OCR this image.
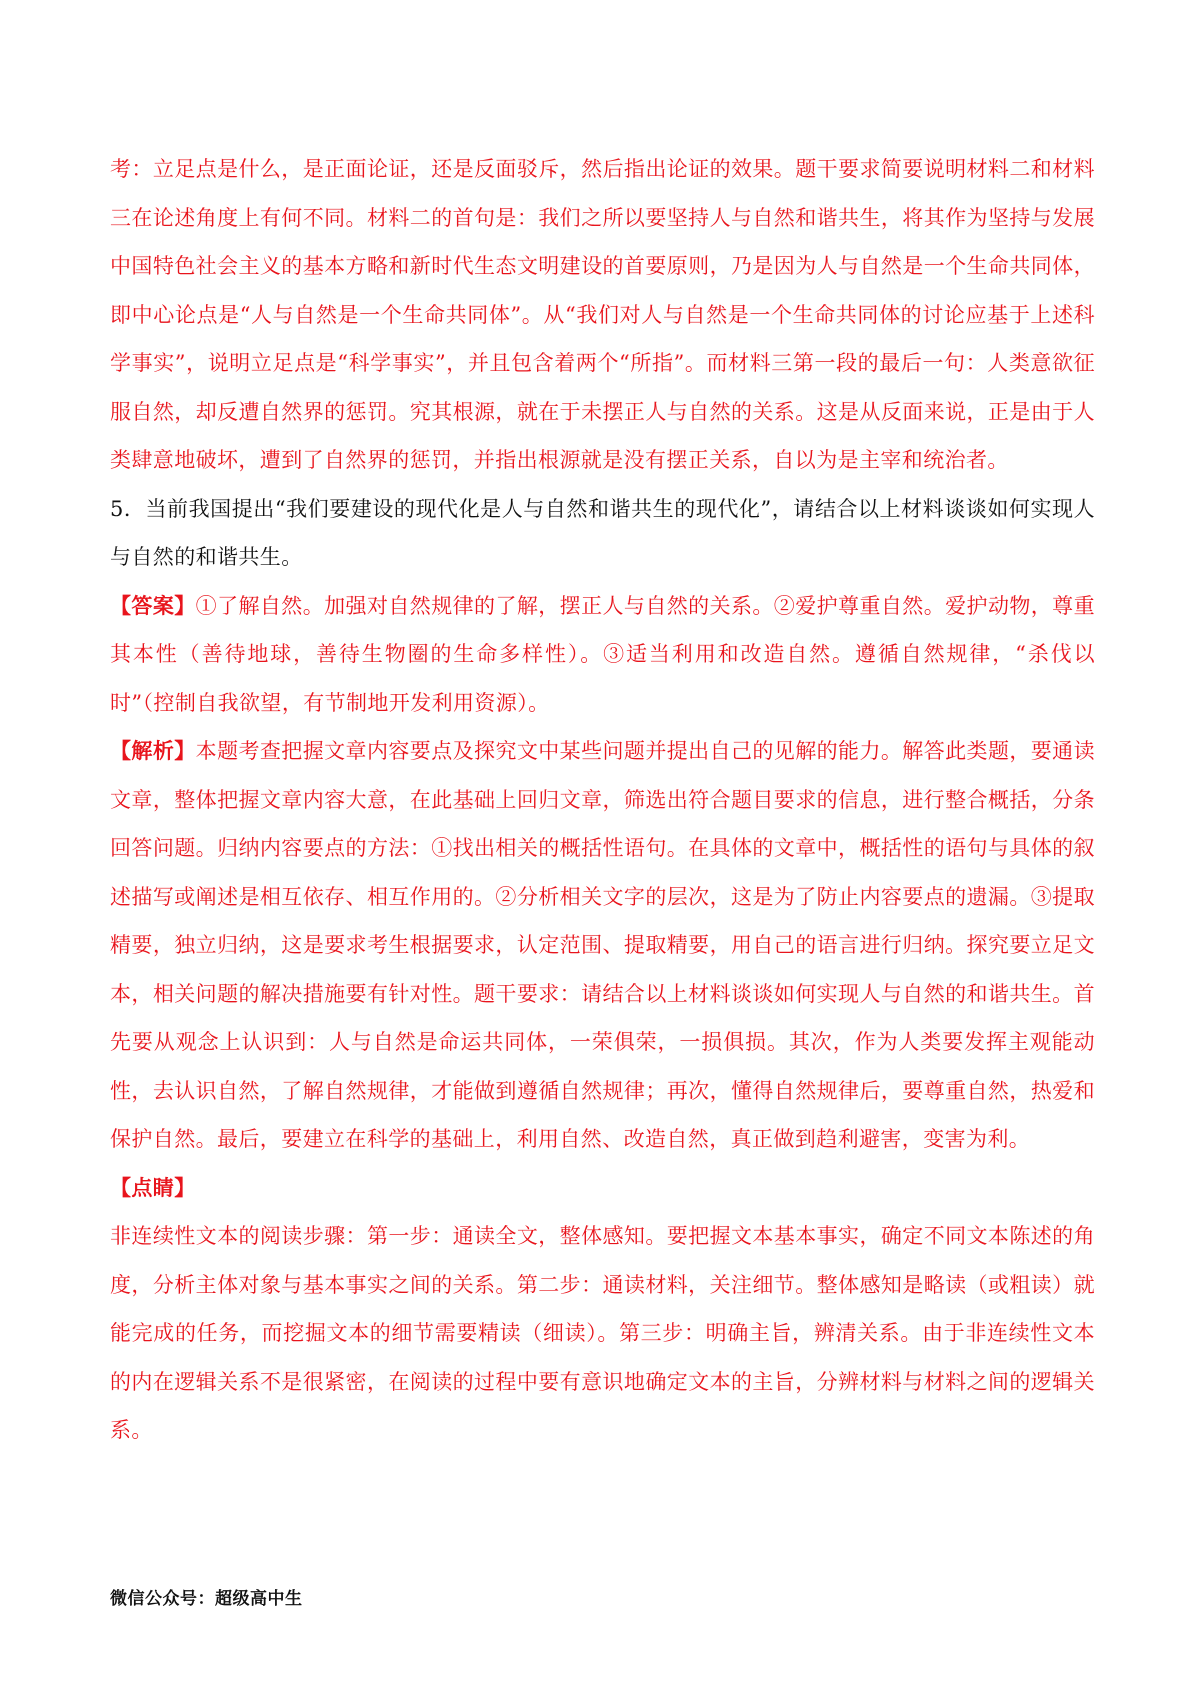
考：立足点是什么，是正面论证，还是反面驳斥，然后指出论证的效果。题干要求简要说明材料二和材料三在论述角度上有何不同。材料二的首句是：我们之所以要坚持人与自然和谐共生，将其作为坚持与发展中国特色社会主义的基本方略和新时代生态文明建设的首要原则，乃是因为人与自然是一个生命共同体，即中心论点是“人与自然是一个生命共同体”。从“我们对人与自然是一个生命共同体的讨论应基于上述科学事实”，说明立足点是“科学事实”，并且包含着两个“所指”。而材料三第一段的最后一句：人类意欲征服自然，却反遭自然界的惩罚。究其根源，就在于未摆正人与自然的关系。这是从反面来说，正是由于人类肆意地破坏，遭到了自然界的惩罚，并指出根源就是没有摆正关系，自以为是主宰和统治者。

5．当前我国提出“我们要建设的现代化是人与自然和谐共生的现代化”，请结合以上材料谈谈如何实现人与自然的和谐共生。

【答案】①了解自然。加强对自然规律的了解，摆正人与自然的关系。②爱护尊重自然。爱护动物，尊重其本性（善待地球，善待生物圈的生命多样性）。③适当利用和改造自然。遵循自然规律，“杀伐以时”（控制自我欲望，有节制地开发利用资源）。

【解析】本题考查把握文章内容要点及探究文中某些问题并提出自己的见解的能力。解答此类题，要通读文章，整体把握文章内容大意，在此基础上回归文章，筛选出符合题目要求的信息，进行整合概括，分条回答问题。归纳内容要点的方法：①找出相关的概括性语句。在具体的文章中，概括性的语句与具体的叙述描写或阐述是相互依存、相互作用的。②分析相关文字的层次，这是为了防止内容要点的遗漏。③提取精要，独立归纳，这是要求考生根据要求，认定范围、提取精要，用自己的语言进行归纳。探究要立足文本，相关问题的解决措施要有针对性。题干要求：请结合以上材料谈谈如何实现人与自然的和谐共生。首先要从观念上认识到：人与自然是命运共同体，一荣俱荣，一损俱损。其次，作为人类要发挥主观能动性，去认识自然，了解自然规律，才能做到遵循自然规律；再次，懂得自然规律后，要尊重自然，热爱和保护自然。最后，要建立在科学的基础上，利用自然、改造自然，真正做到趋利避害，变害为利。

【点睛】

非连续性文本的阅读步骤：第一步：通读全文，整体感知。要把握文本基本事实，确定不同文本陈述的角度，分析主体对象与基本事实之间的关系。第二步：通读材料，关注细节。整体感知是略读（或粗读）就能完成的任务，而挖掘文本的细节需要精读（细读）。第三步：明确主旨，辨清关系。由于非连续性文本的内在逻辑关系不是很紧密，在阅读的过程中要有意识地确定文本的主旨，分辨材料与材料之间的逻辑关系。

微信公众号：超级高中生
